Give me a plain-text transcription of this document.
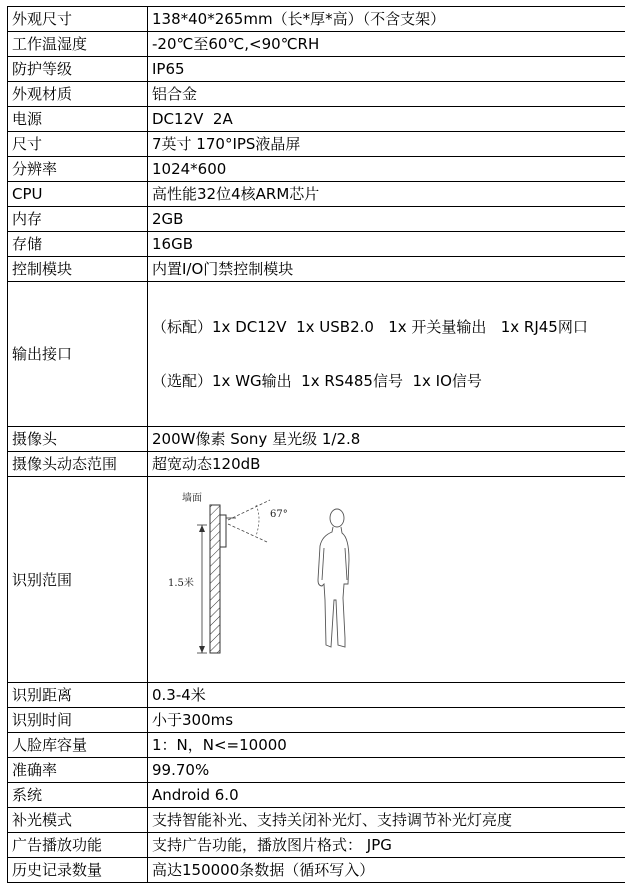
外观尺寸	138*40*265mm（长*厚*高）（不含支架）
工作温湿度	-20℃至60℃,<90℃RH
防护等级	IP65
外观材质	铝合金
电源	DC12V  2A
尺寸	7英寸 170°IPS液晶屏
分辨率	1024*600
CPU	高性能32位4核ARM芯片
内存	2GB
存储	16GB
控制模块	内置I/O门禁控制模块
输出接口	（标配）1x DC12V  1x USB2.0   1x 开关量输出   1x RJ45网口

（选配）1x WG输出  1x RS485信号  1x IO信号

摄像头	200W像素 Sony 星光级 1/2.8
摄像头动态范围	超宽动态120dB
识别范围	墙面
67°
1.5米

识别距离	0.3-4米
识别时间	小于300ms
人脸库容量	1：N，N<=10000
准确率	99.70%
系统	Android 6.0
补光模式	支持智能补光、支持关闭补光灯、支持调节补光灯亮度
广告播放功能	支持广告功能，播放图片格式： JPG
历史记录数量	高达150000条数据（循环写入）
